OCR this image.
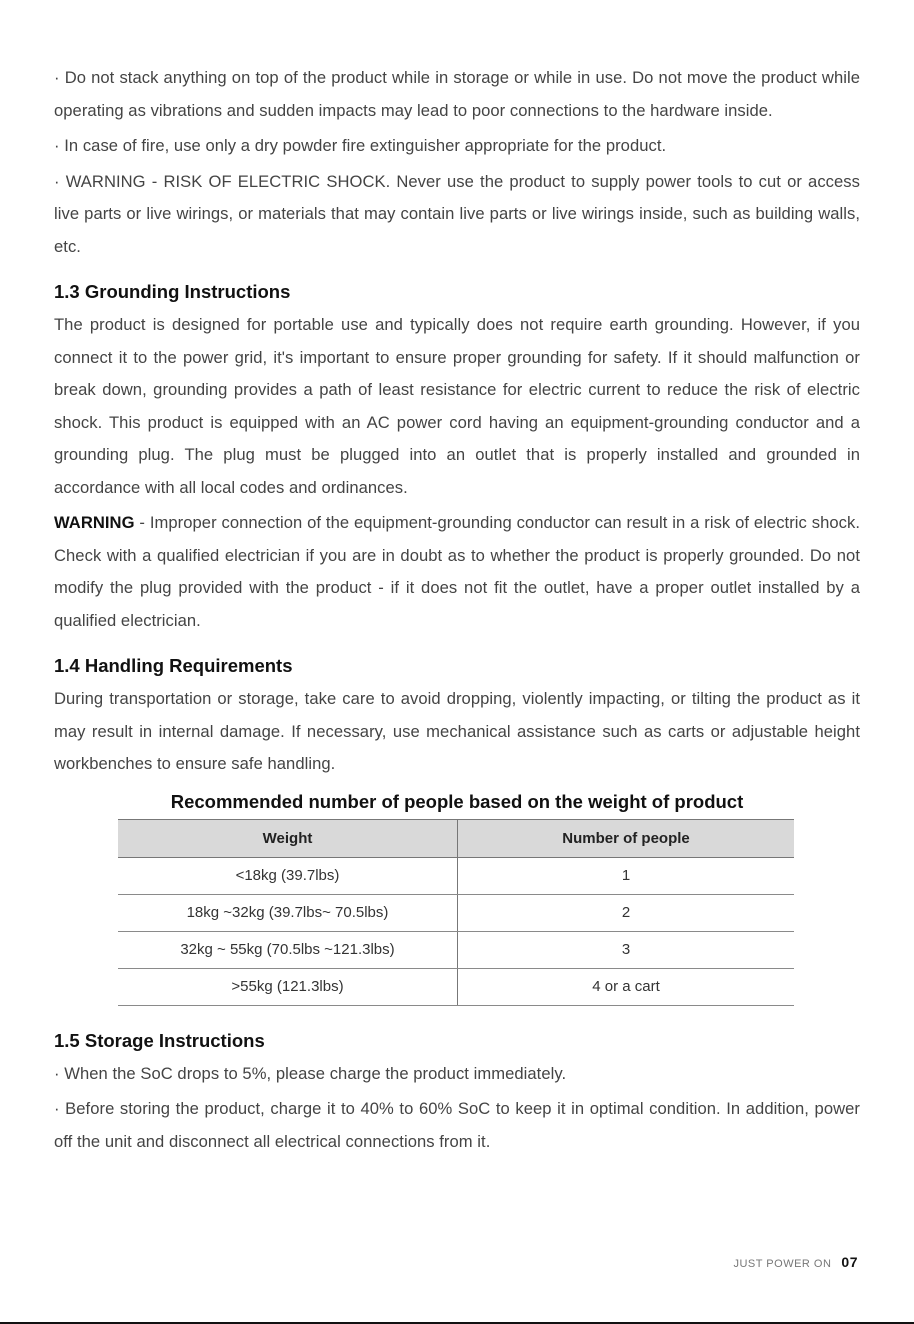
· Do not stack anything on top of the product while in storage or while in use. Do not move the product while operating as vibrations and sudden impacts may lead to poor connections to the hardware inside.

· In case of fire, use only a dry powder fire extinguisher appropriate for the product.

· WARNING - RISK OF ELECTRIC SHOCK. Never use the product to supply power tools to cut or access live parts or live wirings, or materials that may contain live parts or live wirings inside, such as building walls, etc.

1.3 Grounding Instructions

The product is designed for portable use and typically does not require earth grounding. However, if you connect it to the power grid, it's important to ensure proper grounding for safety. If it should malfunction or break down, grounding provides a path of least resistance for electric current to reduce the risk of electric shock. This product is equipped with an AC power cord having an equipment-grounding conductor and a grounding plug. The plug must be plugged into an outlet that is properly installed and grounded in accordance with all local codes and ordinances.

WARNING - Improper connection of the equipment-grounding conductor can result in a risk of electric shock. Check with a qualified electrician if you are in doubt as to whether the product is properly grounded. Do not modify the plug provided with the product - if it does not fit the outlet, have a proper outlet installed by a qualified electrician.

1.4 Handling Requirements

During transportation or storage, take care to avoid dropping, violently impacting, or tilting the product as it may result in internal damage. If necessary, use mechanical assistance such as carts or adjustable height workbenches to ensure safe handling.

Recommended number of people based on the weight of product
Weight	Number of people
<18kg (39.7lbs)	1
18kg ~32kg (39.7lbs~ 70.5lbs)	2
32kg ~ 55kg (70.5lbs ~121.3lbs)	3
>55kg (121.3lbs)	4 or a cart
1.5 Storage Instructions

· When the SoC drops to 5%, please charge the product immediately.

· Before storing the product, charge it to 40% to 60% SoC to keep it in optimal condition. In addition, power off the unit and disconnect all electrical connections from it.

JUST POWER ON 07
